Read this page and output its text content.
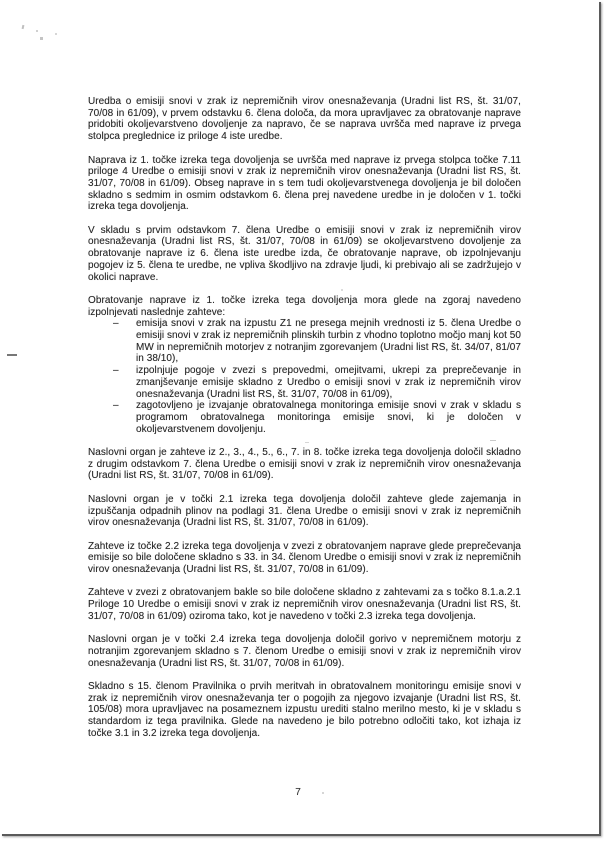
Uredba o emisiji snovi v zrak iz nepremičnih virov onesnaževanja (Uradni list RS, št. 31/07, 70/08 in 61/09), v prvem odstavku 6. člena določa, da mora upravljavec za obratovanje naprave pridobiti okoljevarstveno dovoljenje za napravo, če se naprava uvršča med naprave iz prvega stolpca preglednice iz priloge 4 iste uredbe.

Naprava iz 1. točke izreka tega dovoljenja se uvršča med naprave iz prvega stolpca točke 7.11 priloge 4 Uredbe o emisiji snovi v zrak iz nepremičnih virov onesnaževanja (Uradni list RS, št. 31/07, 70/08 in 61/09). Obseg naprave in s tem tudi okoljevarstvenega dovoljenja je bil določen skladno s sedmim in osmim odstavkom 6. člena prej navedene uredbe in je določen v 1. točki izreka tega dovoljenja.

V skladu s prvim odstavkom 7. člena Uredbe o emisiji snovi v zrak iz nepremičnih virov onesnaževanja (Uradni list RS, št. 31/07, 70/08 in 61/09) se okoljevarstveno dovoljenje za obratovanje naprave iz 6. člena iste uredbe izda, če obratovanje naprave, ob izpolnjevanju pogojev iz 5. člena te uredbe, ne vpliva škodljivo na zdravje ljudi, ki prebivajo ali se zadržujejo v okolici naprave.

Obratovanje naprave iz 1. točke izreka tega dovoljenja mora glede na zgoraj navedeno izpolnjevati naslednje zahteve:

–	emisija snovi v zrak na izpustu Z1 ne presega mejnih vrednosti iz 5. člena Uredbe o emisiji snovi v zrak iz nepremičnih plinskih turbin z vhodno toplotno močjo manj kot 50 MW in nepremičnih motorjev z notranjim zgorevanjem (Uradni list RS, št. 34/07, 81/07 in 38/10),
–	izpolnjuje pogoje v zvezi s prepovedmi, omejitvami, ukrepi za preprečevanje in zmanjševanje emisije skladno z Uredbo o emisiji snovi v zrak iz nepremičnih virov onesnaževanja (Uradni list RS, št. 31/07, 70/08 in 61/09),
–	zagotovljeno je izvajanje obratovalnega monitoringa emisije snovi v zrak v skladu s programom obratovalnega monitoringa emisije snovi, ki je določen v okoljevarstvenem dovoljenju.

Naslovni organ je zahteve iz 2., 3., 4., 5., 6., 7. in 8. točke izreka tega dovoljenja določil skladno z drugim odstavkom 7. člena Uredbe o emisiji snovi v zrak iz nepremičnih virov onesnaževanja (Uradni list RS, št. 31/07, 70/08 in 61/09).

Naslovni organ je v točki 2.1 izreka tega dovoljenja določil zahteve glede zajemanja in izpuščanja odpadnih plinov na podlagi 31. člena Uredbe o emisiji snovi v zrak iz nepremičnih virov onesnaževanja (Uradni list RS, št. 31/07, 70/08 in 61/09).

Zahteve iz točke 2.2 izreka tega dovoljenja v zvezi z obratovanjem naprave glede preprečevanja emisije so bile določene skladno s 33. in 34. členom Uredbe o emisiji snovi v zrak iz nepremičnih virov onesnaževanja (Uradni list RS, št. 31/07, 70/08 in 61/09).

Zahteve v zvezi z obratovanjem bakle so bile določene skladno z zahtevami za s točko 8.1.a.2.1 Priloge 10 Uredbe o emisiji snovi v zrak iz nepremičnih virov onesnaževanja (Uradni list RS, št. 31/07, 70/08 in 61/09) oziroma tako, kot je navedeno v točki 2.3 izreka tega dovoljenja.

Naslovni organ je v točki 2.4 izreka tega dovoljenja določil gorivo v nepremičnem motorju z notranjim zgorevanjem skladno s 7. členom Uredbe o emisiji snovi v zrak iz nepremičnih virov onesnaževanja (Uradni list RS, št. 31/07, 70/08 in 61/09).

Skladno s 15. členom Pravilnika o prvih meritvah in obratovalnem monitoringu emisije snovi v zrak iz nepremičnih virov onesnaževanja ter o pogojih za njegovo izvajanje (Uradni list RS, št. 105/08) mora upravljavec na posameznem izpustu urediti stalno merilno mesto, ki je v skladu s standardom iz tega pravilnika. Glede na navedeno je bilo potrebno odločiti tako, kot izhaja iz točke 3.1 in 3.2 izreka tega dovoljenja.

7
